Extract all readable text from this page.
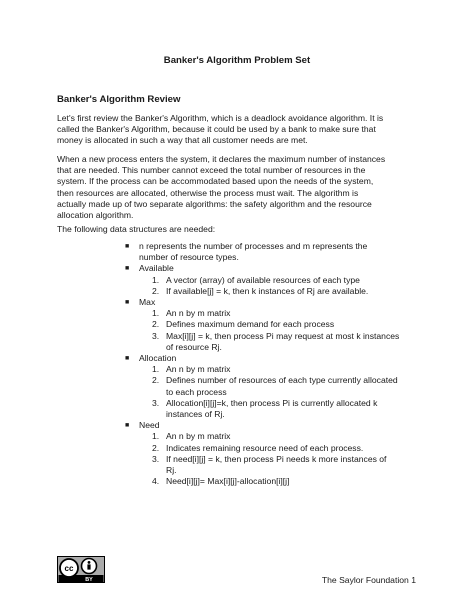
Banker's Algorithm Problem Set
Banker's Algorithm Review
Let's first review the Banker's Algorithm, which is a deadlock avoidance algorithm. It is
called the Banker's Algorithm, because it could be used by a bank to make sure that
money is allocated in such a way that all customer needs are met.
When a new process enters the system, it declares the maximum number of instances
that are needed. This number cannot exceed the total number of resources in the
system. If the process can be accommodated based upon the needs of the system,
then resources are allocated, otherwise the process must wait. The algorithm is
actually made up of two separate algorithms: the safety algorithm and the resource
allocation algorithm.
The following data structures are needed:
■ n represents the number of processes and m represents the
number of resource types.
■ Available
1. A vector (array) of available resources of each type
2. If available[j] = k, then k instances of Rj are available.
■ Max
1. An n by m matrix
2. Defines maximum demand for each process
3. Max[i][j] = k, then process Pi may request at most k instances
of resource Rj.
■ Allocation
1. An n by m matrix
2. Defines number of resources of each type currently allocated
to each process
3. Allocation[i][j]=k, then process Pi is currently allocated k
instances of Rj.
■ Need
1. An n by m matrix
2. Indicates remaining resource need of each process.
3. If need[i][j] = k, then process Pi needs k more instances of
Rj.
4. Need[i][j]= Max[i][j]-allocation[i][j]
cc
BY	The Saylor Foundation 1
